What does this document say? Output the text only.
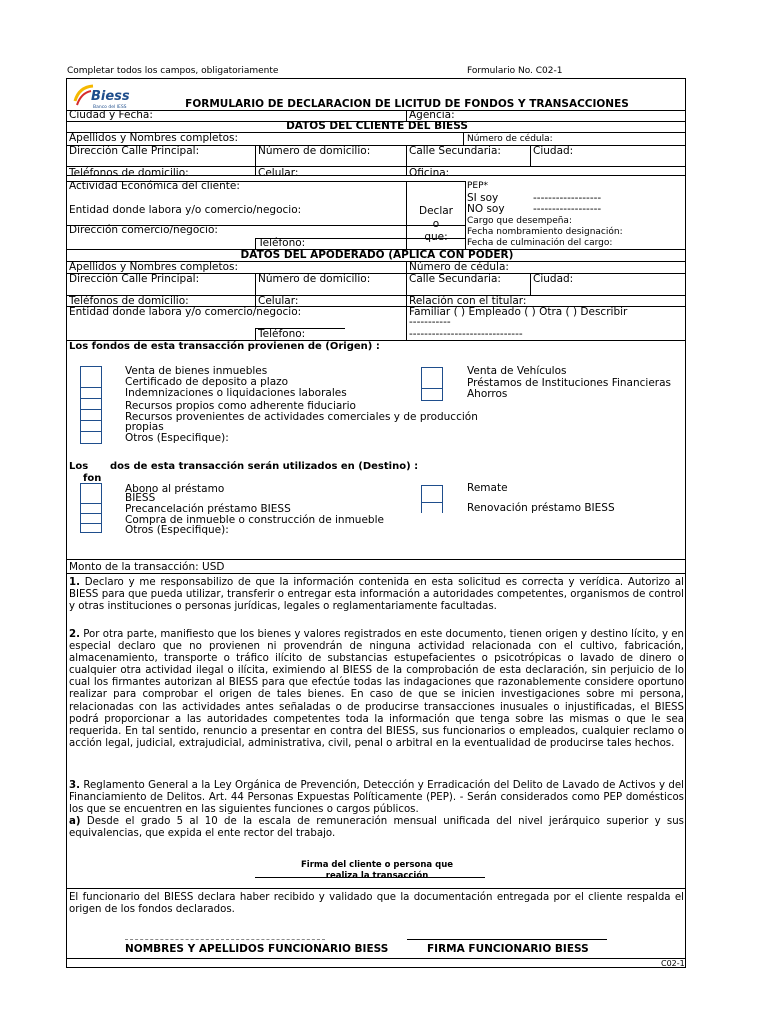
Completar todos los campos, obligatoriamente	Formulario No. C02-1
Biess
Banco del IESS	FORMULARIO DE DECLARACION DE LICITUD DE FONDOS Y TRANSACCIONES
Ciudad y Fecha:	Agencia:
DATOS DEL CLIENTE DEL BIESS
Apellidos y Nombres completos:	Número de cédula:
Dirección Calle Principal:	Número de domicilio:	Calle Secundaria:	Ciudad:
Teléfonos de domicilio:	Celular:	Oficina:
Actividad Económica del cliente:
Entidad donde labora y/o comercio/negocio:
Dirección comercio/negocio:
Teléfono:
Declar
o
que:
PEP*
SI soy	------------------
NO soy	------------------
Cargo que desempeña:
Fecha nombramiento designación:
Fecha de culminación del cargo:
DATOS DEL APODERADO (APLICA CON PODER)
Apellidos y Nombres completos:	Número de cédula:
Dirección Calle Principal:	Número de domicilio:	Calle Secundaria:	Ciudad:
Teléfonos de domicilio:	Celular:	Relación con el titular:
Entidad donde labora y/o comercio/negocio:	Familiar ( ) Empleado ( ) Otra ( ) Describir
-----------
Teléfono:	------------------------------
Los fondos de esta transacción provienen de (Origen) :
Venta de bienes inmuebles
Certificado de deposito a plazo
Indemnizaciones o liquidaciones laborales
Recursos propios como adherente fiduciario
Recursos provenientes de actividades comerciales y de producción
propias
Otros (Especifique):
Venta de Vehículos
Préstamos de Instituciones Financieras
Ahorros
Los dos de esta transacción serán utilizados en (Destino) :
fon
Abono al préstamo
BIESS
Precancelación préstamo BIESS
Compra de inmueble o construcción de inmueble
Otros (Especifique):
Remate
Renovación préstamo BIESS
Monto de la transacción: USD
1. Declaro y me responsabilizo de que la información contenida en esta solicitud es correcta y verídica. Autorizo al BIESS para que pueda utilizar, transferir o entregar esta información a autoridades competentes, organismos de control y otras instituciones o personas jurídicas, legales o reglamentariamente facultadas.
2. Por otra parte, manifiesto que los bienes y valores registrados en este documento, tienen origen y destino lícito, y en especial declaro que no provienen ni provendrán de ninguna actividad relacionada con el cultivo, fabricación, almacenamiento, transporte o tráfico ilícito de substancias estupefacientes o psicotrópicas o lavado de dinero o cualquier otra actividad ilegal o ilícita, eximiendo al BIESS de la comprobación de esta declaración, sin perjuicio de lo cual los firmantes autorizan al BIESS para que efectúe todas las indagaciones que razonablemente considere oportuno realizar para comprobar el origen de tales bienes. En caso de que se inicien investigaciones sobre mi persona, relacionadas con las actividades antes señaladas o de producirse transacciones inusuales o injustificadas, el BIESS podrá proporcionar a las autoridades competentes toda la información que tenga sobre las mismas o que le sea requerida. En tal sentido, renuncio a presentar en contra del BIESS, sus funcionarios o empleados, cualquier reclamo o acción legal, judicial, extrajudicial, administrativa, civil, penal o arbitral en la eventualidad de producirse tales hechos.
3. Reglamento General a la Ley Orgánica de Prevención, Detección y Erradicación del Delito de Lavado de Activos y del Financiamiento de Delitos. Art. 44 Personas Expuestas Políticamente (PEP). - Serán considerados como PEP domésticos los que se encuentren en las siguientes funciones o cargos públicos.
a) Desde el grado 5 al 10 de la escala de remuneración mensual unificada del nivel jerárquico superior y sus equivalencias, que expida el ente rector del trabajo.
Firma del cliente o persona que
realiza la transacción
El funcionario del BIESS declara haber recibido y validado que la documentación entregada por el cliente respalda el origen de los fondos declarados.
NOMBRES Y APELLIDOS FUNCIONARIO BIESS	FIRMA FUNCIONARIO BIESS
C02-1
